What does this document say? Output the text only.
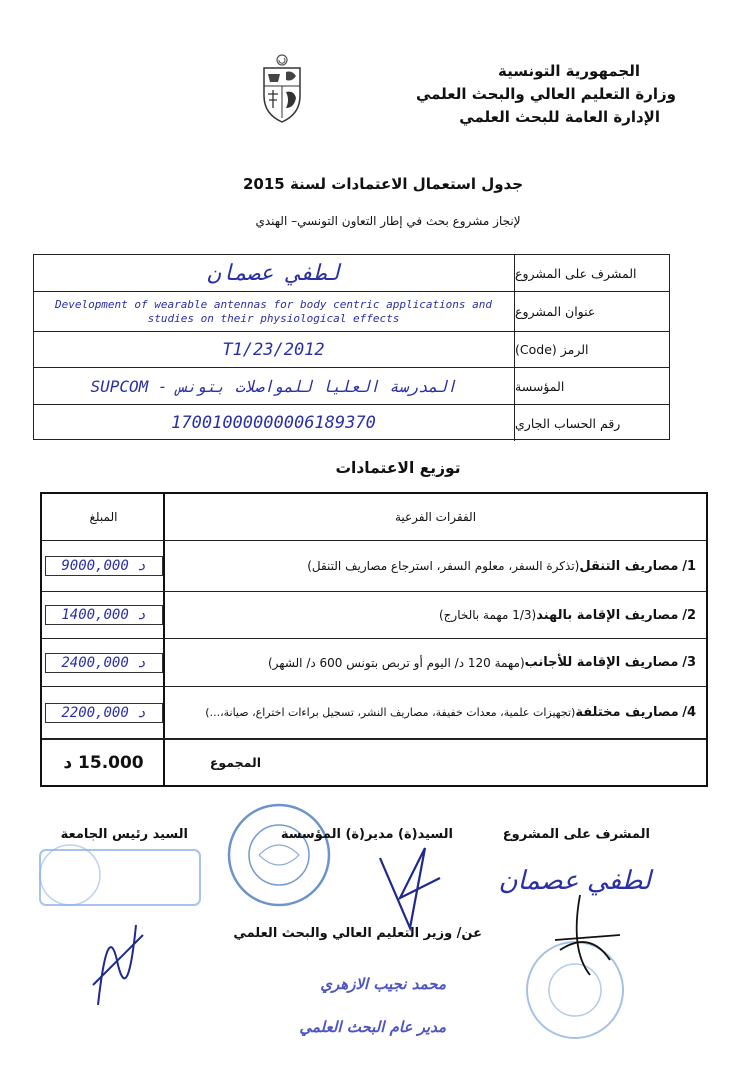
الجمهورية التونسية
وزارة التعليم العالي والبحث العلمي
الإدارة العامة للبحث العلمي
جدول استعمال الاعتمادات لسنة 2015
لإنجاز مشروع بحث في إطار التعاون التونسي– الهندي
المشرف على المشروع
لطفي عصمان
عنوان المشروع
Development of wearable antennas for body centric applications and studies on their physiological effects
الرمز (Code)
T1/23/2012
المؤسسة
SUPCOM - المدرسة العليا للمواصلات بتونس
رقم الحساب الجاري
17001000000006189370
توزيع الاعتمادات
الفقرات الفرعية
المبلغ
1/

مصاريف التنقل
(تذكرة السفر، معلوم السفر، استرجاع مصاريف التنقل)
د 9000,000
2/

مصاريف الإقامة بالهند
(1/3 مهمة بالخارج)
د 1400,000
3/

مصاريف الإقامة للأجانب
(مهمة 120 د/ اليوم أو تربص بتونس 600 د/ الشهر)
د 2400,000
4/

مصاريف مختلفة
(تجهيزات علمية، معدات خفيفة، مصاريف النشر، تسجيل براءات اختراع، صيانة،...)
د 2200,000
المجموع
15.000 د
المشرف على المشروع
السيد(ة) مدير(ة) المؤسسة
السيد رئيس الجامعة
لطفي عصمان
عن/ وزير التعليم العالي والبحث العلمي
محمد نجيب الازهري
مدير عام البحث العلمي
